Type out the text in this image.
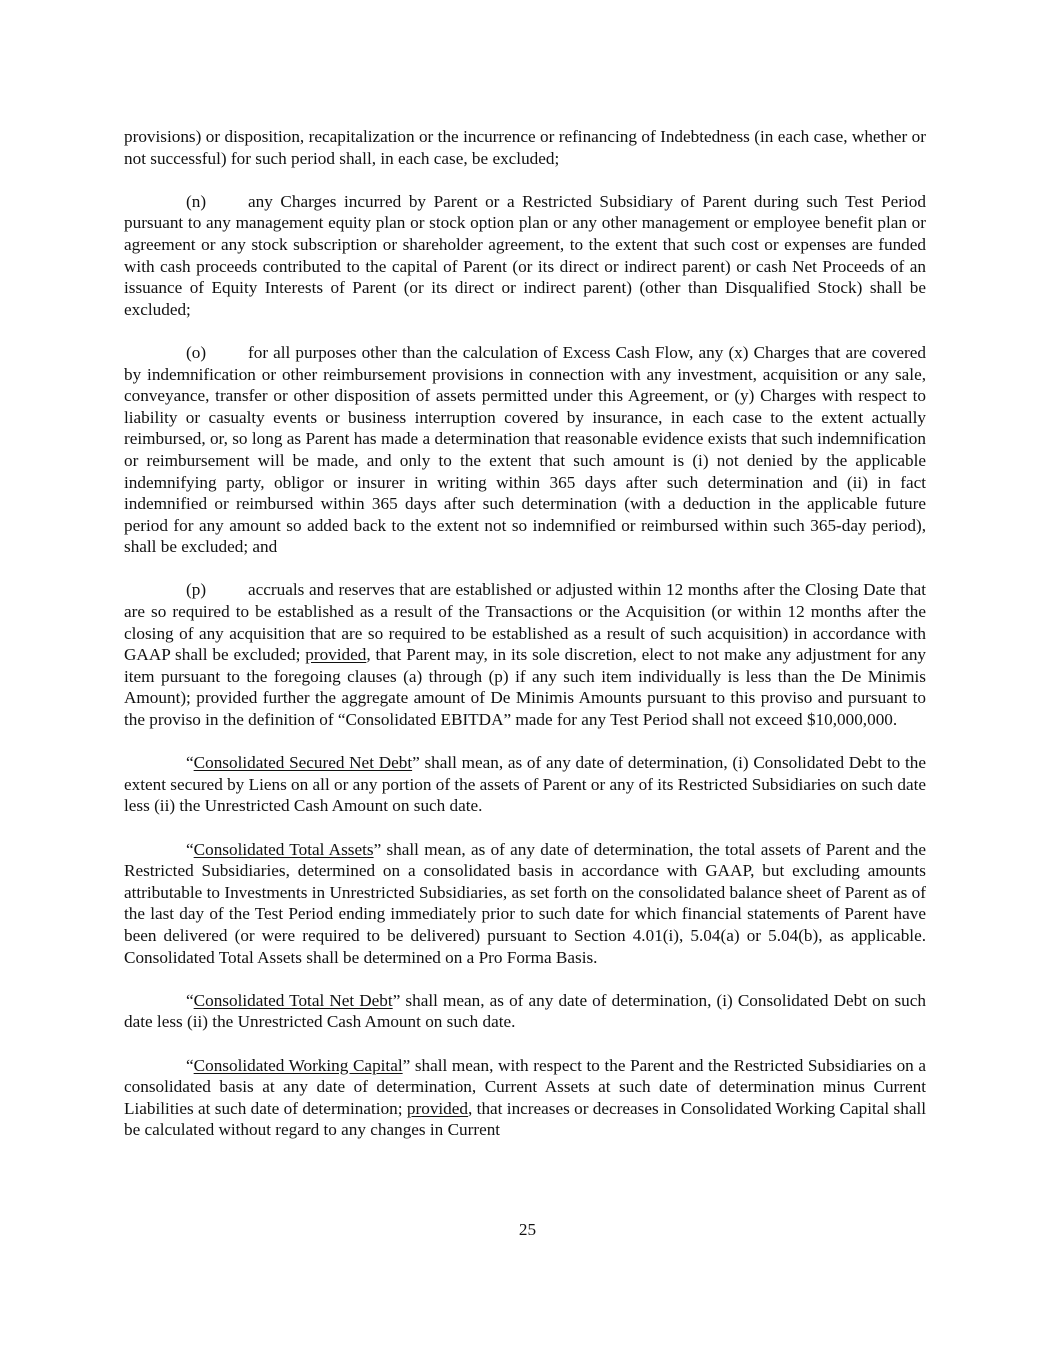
provisions) or disposition, recapitalization or the incurrence or refinancing of Indebtedness (in each case, whether or not successful) for such period shall, in each case, be excluded;

(n) any Charges incurred by Parent or a Restricted Subsidiary of Parent during such Test Period pursuant to any management equity plan or stock option plan or any other management or employee benefit plan or agreement or any stock subscription or shareholder agreement, to the extent that such cost or expenses are funded with cash proceeds contributed to the capital of Parent (or its direct or indirect parent) or cash Net Proceeds of an issuance of Equity Interests of Parent (or its direct or indirect parent) (other than Disqualified Stock) shall be excluded;

(o) for all purposes other than the calculation of Excess Cash Flow, any (x) Charges that are covered by indemnification or other reimbursement provisions in connection with any investment, acquisition or any sale, conveyance, transfer or other disposition of assets permitted under this Agreement, or (y) Charges with respect to liability or casualty events or business interruption covered by insurance, in each case to the extent actually reimbursed, or, so long as Parent has made a determination that reasonable evidence exists that such indemnification or reimbursement will be made, and only to the extent that such amount is (i) not denied by the applicable indemnifying party, obligor or insurer in writing within 365 days after such determination and (ii) in fact indemnified or reimbursed within 365 days after such determination (with a deduction in the applicable future period for any amount so added back to the extent not so indemnified or reimbursed within such 365-day period), shall be excluded; and

(p) accruals and reserves that are established or adjusted within 12 months after the Closing Date that are so required to be established as a result of the Transactions or the Acquisition (or within 12 months after the closing of any acquisition that are so required to be established as a result of such acquisition) in accordance with GAAP shall be excluded; provided, that Parent may, in its sole discretion, elect to not make any adjustment for any item pursuant to the foregoing clauses (a) through (p) if any such item individually is less than the De Minimis Amount); provided further the aggregate amount of De Minimis Amounts pursuant to this proviso and pursuant to the proviso in the definition of “Consolidated EBITDA” made for any Test Period shall not exceed $10,000,000.

“Consolidated Secured Net Debt” shall mean, as of any date of determination, (i) Consolidated Debt to the extent secured by Liens on all or any portion of the assets of Parent or any of its Restricted Subsidiaries on such date less (ii) the Unrestricted Cash Amount on such date.

“Consolidated Total Assets” shall mean, as of any date of determination, the total assets of Parent and the Restricted Subsidiaries, determined on a consolidated basis in accordance with GAAP, but excluding amounts attributable to Investments in Unrestricted Subsidiaries, as set forth on the consolidated balance sheet of Parent as of the last day of the Test Period ending immediately prior to such date for which financial statements of Parent have been delivered (or were required to be delivered) pursuant to Section 4.01(i), 5.04(a) or 5.04(b), as applicable. Consolidated Total Assets shall be determined on a Pro Forma Basis.

“Consolidated Total Net Debt” shall mean, as of any date of determination, (i) Consolidated Debt on such date less (ii) the Unrestricted Cash Amount on such date.

“Consolidated Working Capital” shall mean, with respect to the Parent and the Restricted Subsidiaries on a consolidated basis at any date of determination, Current Assets at such date of determination minus Current Liabilities at such date of determination; provided, that increases or decreases in Consolidated Working Capital shall be calculated without regard to any changes in Current

25
